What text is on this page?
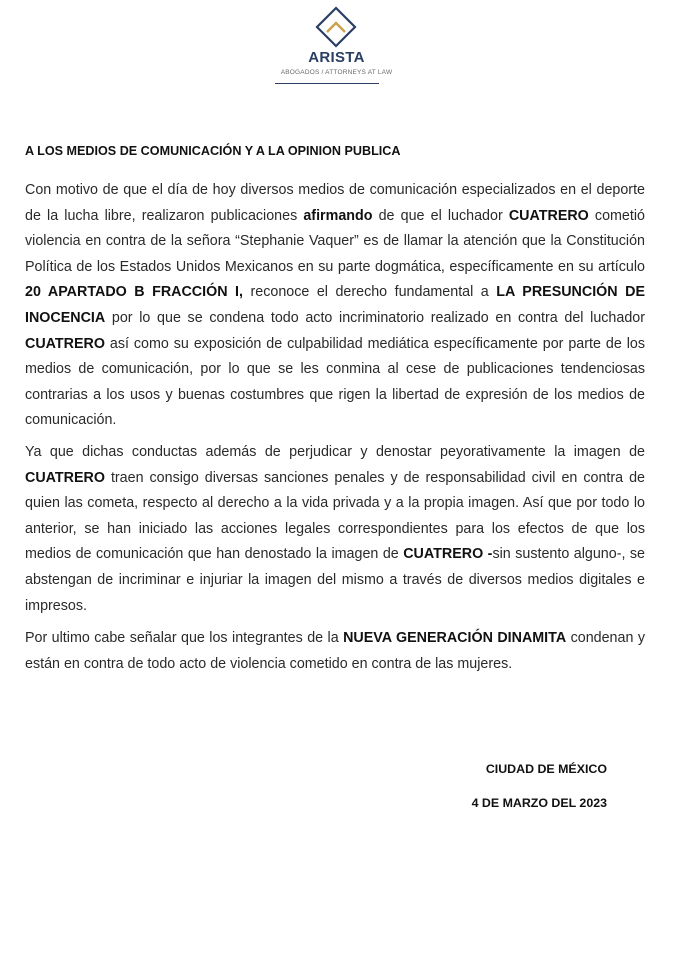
ARISTA
ABOGADOS / ATTORNEYS AT LAW
A LOS MEDIOS DE COMUNICACIÓN Y A LA OPINION PUBLICA

Con motivo de que el día de hoy diversos medios de comunicación especializados en el deporte de la lucha libre, realizaron publicaciones afirmando de que el luchador CUATRERO cometió violencia en contra de la señora “Stephanie Vaquer” es de llamar la atención que la Constitución Política de los Estados Unidos Mexicanos en su parte dogmática, específicamente en su artículo 20 APARTADO B FRACCIÓN I, reconoce el derecho fundamental a LA PRESUNCIÓN DE INOCENCIA por lo que se condena todo acto incriminatorio realizado en contra del luchador CUATRERO así como su exposición de culpabilidad mediática específicamente por parte de los medios de comunicación, por lo que se les conmina al cese de publicaciones tendenciosas contrarias a los usos y buenas costumbres que rigen la libertad de expresión de los medios de comunicación.

Ya que dichas conductas además de perjudicar y denostar peyorativamente la imagen de CUATRERO traen consigo diversas sanciones penales y de responsabilidad civil en contra de quien las cometa, respecto al derecho a la vida privada y a la propia imagen. Así que por todo lo anterior, se han iniciado las acciones legales correspondientes para los efectos de que los medios de comunicación que han denostado la imagen de CUATRERO -sin sustento alguno-, se abstengan de incriminar e injuriar la imagen del mismo a través de diversos medios digitales e impresos.

Por ultimo cabe señalar que los integrantes de la NUEVA GENERACIÓN DINAMITA condenan y están en contra de todo acto de violencia cometido en contra de las mujeres.

CIUDAD DE MÉXICO
4 DE MARZO DEL 2023
